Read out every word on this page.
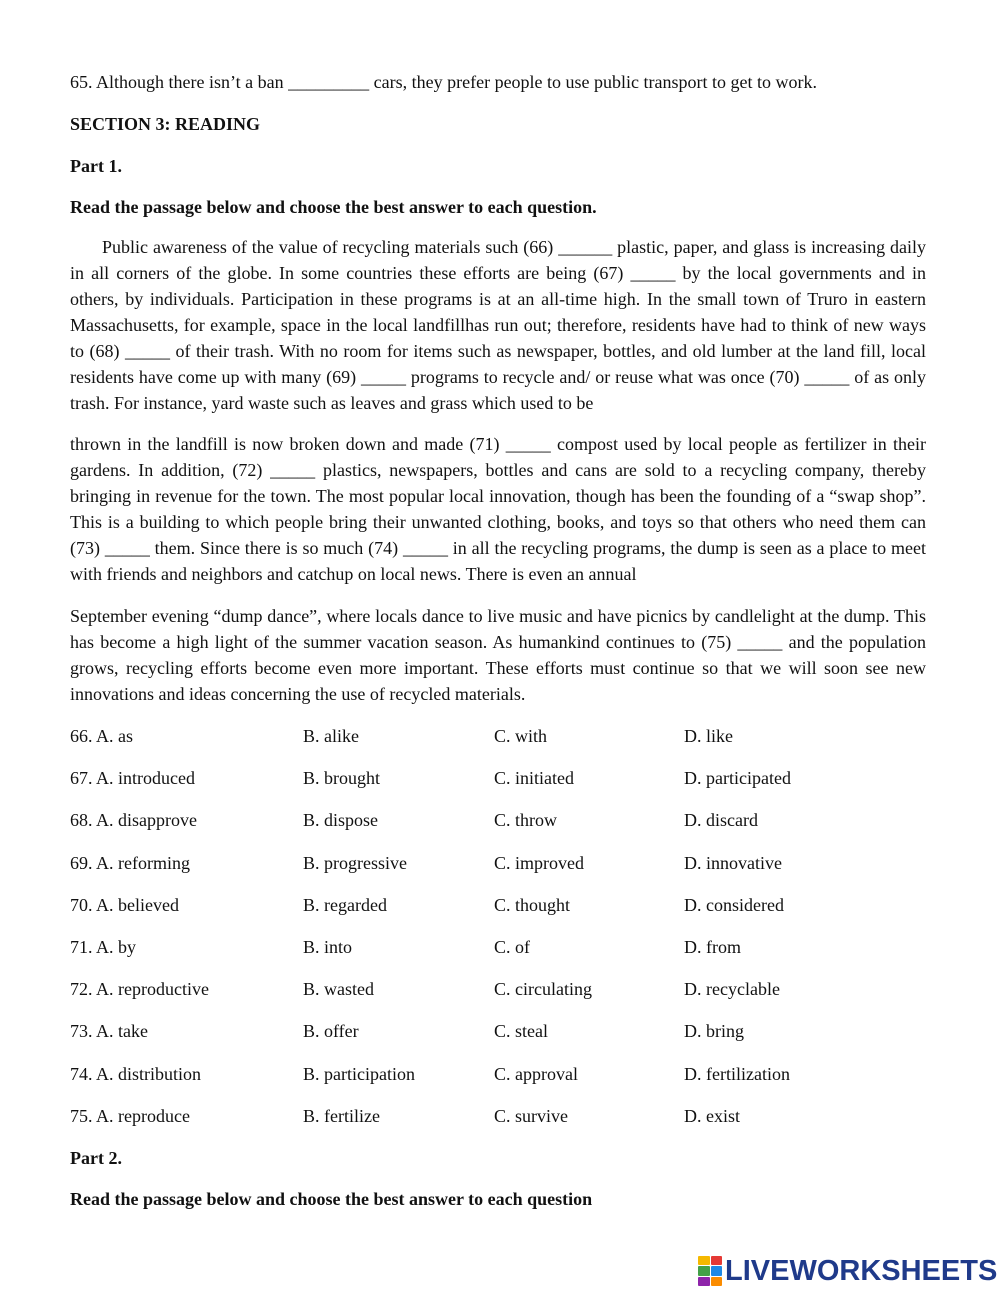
65. Although there isn’t a ban _________ cars, they prefer people to use public transport to get to work.
SECTION 3: READING
Part 1.
Read the passage below and choose the best answer to each question.
Public awareness of the value of recycling materials such (66) ______ plastic, paper, and glass is increasing daily in all corners of the globe. In some countries these efforts are being (67) _____ by the local governments and in others, by individuals. Participation in these programs is at an all-time high. In the small town of Truro in eastern Massachusetts, for example, space in the local landfillhas run out; therefore, residents have had to think of new ways to (68) _____ of their trash. With no room for items such as newspaper, bottles, and old lumber at the land fill, local residents have come up with many (69) _____ programs to recycle and/ or reuse what was once (70) _____ of as only trash. For instance, yard waste such as leaves and grass which used to be
thrown in the landfill is now broken down and made (71) _____ compost used by local people as fertilizer in their gardens. In addition, (72) _____ plastics, newspapers, bottles and cans are sold to a recycling company, thereby bringing in revenue for the town. The most popular local innovation, though has been the founding of a “swap shop”. This is a building to which people bring their unwanted clothing, books, and toys so that others who need them can (73) _____ them. Since there is so much (74) _____ in all the recycling programs, the dump is seen as a place to meet with friends and neighbors and catchup on local news. There is even an annual
September evening “dump dance”, where locals dance to live music and have picnics by candlelight at the dump. This has become a high light of the summer vacation season. As humankind continues to (75) _____ and the population grows, recycling efforts become even more important. These efforts must continue so that we will soon see new innovations and ideas concerning the use of recycled materials.
66. A. as	B. alike	C. with	D. like
67. A. introduced	B. brought	C. initiated	D. participated
68. A. disapprove	B. dispose	C. throw	D. discard
69. A. reforming	B. progressive	C. improved	D. innovative
70. A. believed	B. regarded	C. thought	D. considered
71. A. by	B. into	C. of	D. from
72. A. reproductive	B. wasted	C. circulating	D. recyclable
73. A. take	B. offer	C. steal	D. bring
74. A. distribution	B. participation	C. approval	D. fertilization
75. A. reproduce	B. fertilize	C. survive	D. exist
Part 2.
Read the passage below and choose the best answer to each question
LIVEWORKSHEETS
